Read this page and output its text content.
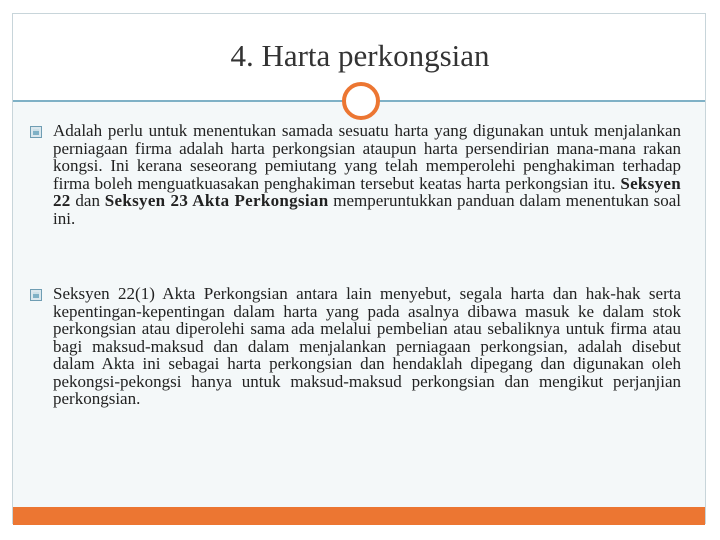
4. Harta perkongsian
Adalah perlu untuk menentukan samada sesuatu harta yang digunakan untuk menjalankan perniagaan firma adalah harta perkongsian ataupun harta persendirian mana-mana rakan kongsi. Ini kerana seseorang pemiutang yang telah memperolehi penghakiman terhadap firma boleh menguatkuasakan penghakiman tersebut keatas harta perkongsian itu. Seksyen 22 dan Seksyen 23 Akta Perkongsian memperuntukkan panduan dalam menentukan soal ini.
Seksyen 22(1) Akta Perkongsian antara lain menyebut, segala harta dan hak-hak serta kepentingan-kepentingan dalam harta yang pada asalnya dibawa masuk ke dalam stok perkongsian atau diperolehi sama ada melalui pembelian atau sebaliknya untuk firma atau bagi maksud-maksud dan dalam menjalankan perniagaan perkongsian, adalah disebut dalam Akta ini sebagai harta perkongsian dan hendaklah dipegang dan digunakan oleh pekongsi-pekongsi hanya untuk maksud-maksud perkongsian dan mengikut perjanjian perkongsian.
